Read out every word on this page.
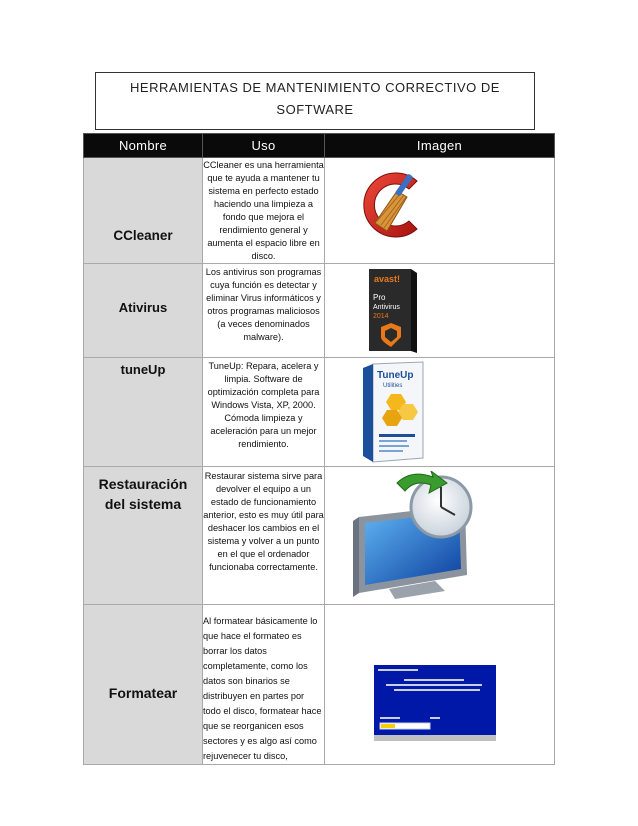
HERRAMIENTAS DE MANTENIMIENTO CORRECTIVO DE
SOFTWARE
Nombre	Uso	Imagen

CCleaner	CCleaner es una herramienta que te ayuda a mantener tu sistema en perfecto estado haciendo una limpieza a fondo que mejora el rendimiento general y aumenta el espacio libre en disco.	

Ativirus	Los antivirus son programas cuya función es detectar y eliminar Virus informáticos y otros programas maliciosos (a veces denominados malware).	avast!
Pro
Antivirus
2014

tuneUp	TuneUp: Repara, acelera y limpia. Software de optimización completa para Windows Vista, XP, 2000. Cómoda limpieza y aceleración para un mejor rendimiento.	TuneUp
Utilities

Restauración
del sistema	Restaurar sistema sirve para devolver el equipo a un estado de funcionamiento anterior, esto es muy útil para deshacer los cambios en el sistema y volver a un punto en el que el ordenador funcionaba correctamente.	

Formatear	Al formatear básicamente lo que hace el formateo es borrar los datos completamente, como los datos son binarios se distribuyen en partes por todo el disco, formatear hace que se reorganicen esos sectores y es algo así como rejuvenecer tu disco,	
